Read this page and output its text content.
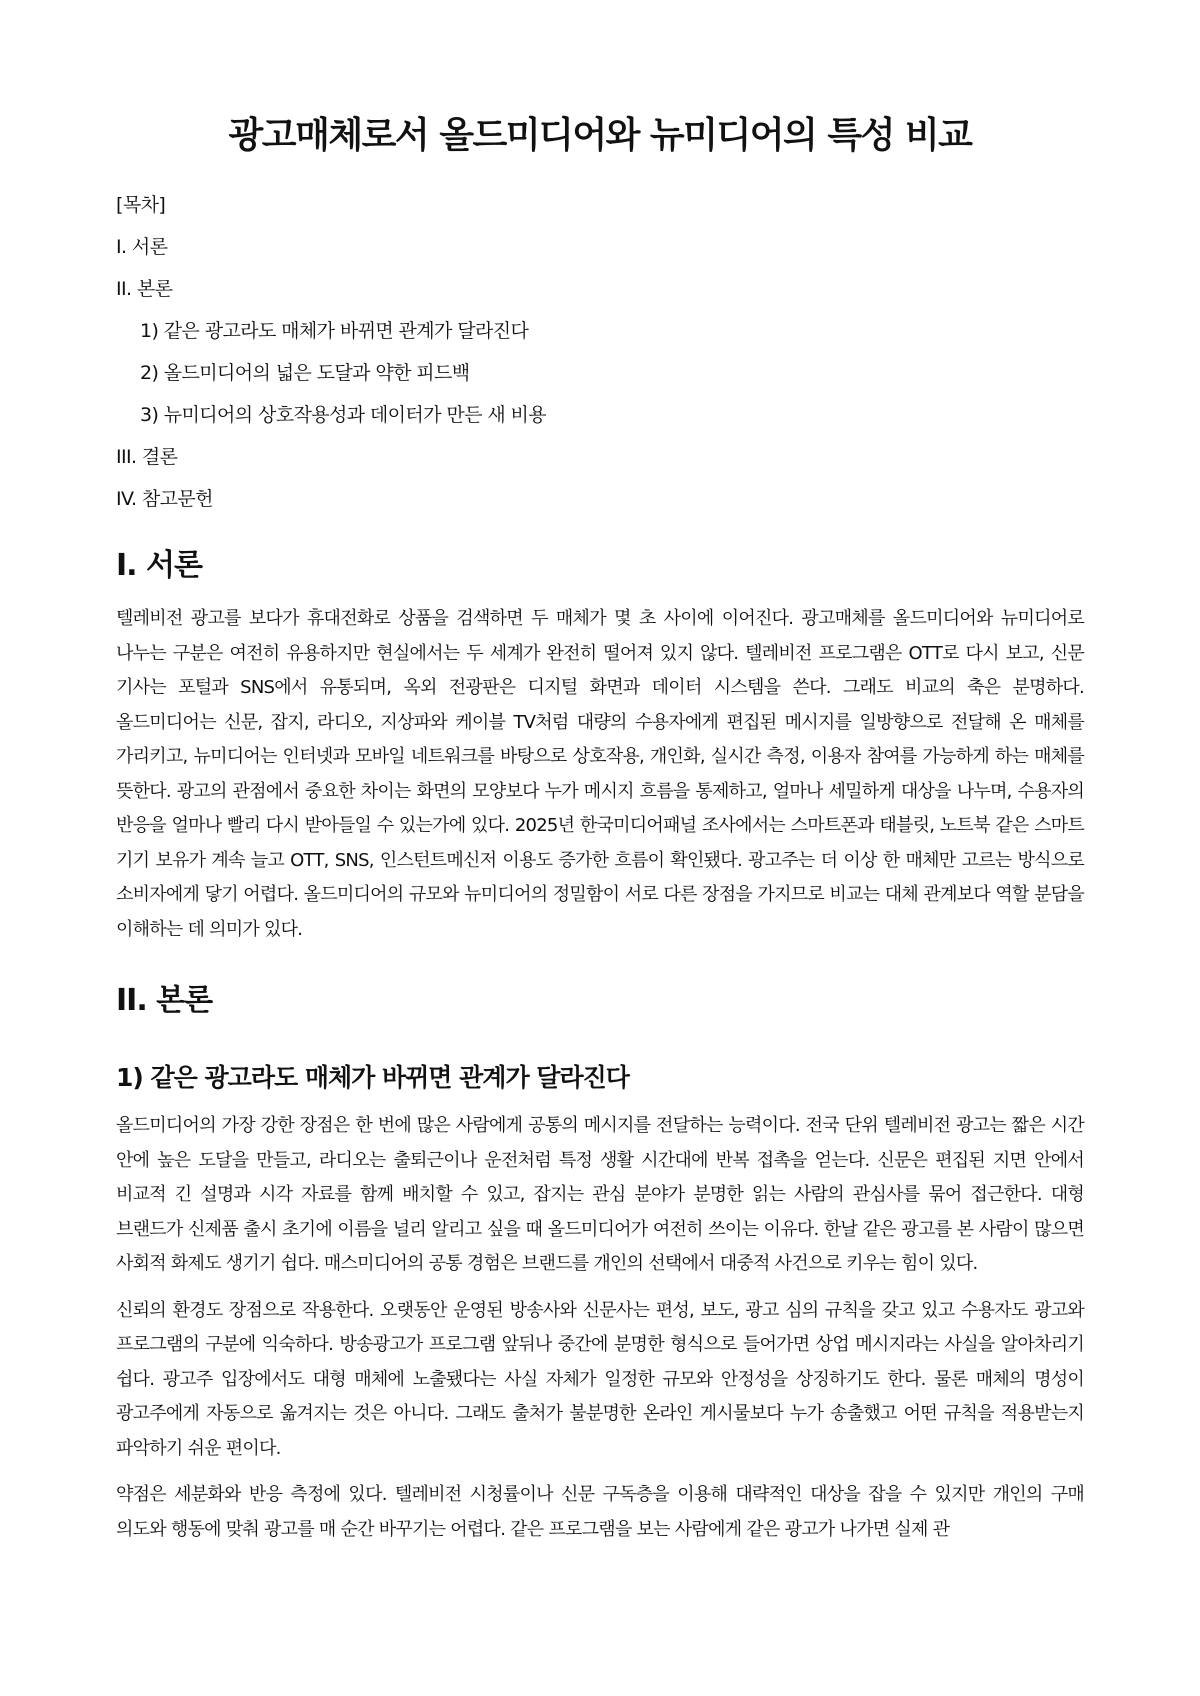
광고매체로서 올드미디어와 뉴미디어의 특성 비교
[목차]
I. 서론
II. 본론
1) 같은 광고라도 매체가 바뀌면 관계가 달라진다
2) 올드미디어의 넓은 도달과 약한 피드백
3) 뉴미디어의 상호작용성과 데이터가 만든 새 비용
III. 결론
IV. 참고문헌
I. 서론

텔레비전 광고를 보다가 휴대전화로 상품을 검색하면 두 매체가 몇 초 사이에 이어진다. 광고매체를 올드미디어와 뉴미디어로 나누는 구분은 여전히 유용하지만 현실에서는 두 세계가 완전히 떨어져 있지 않다. 텔레비전 프로그램은 OTT로 다시 보고, 신문 기사는 포털과 SNS에서 유통되며, 옥외 전광판은 디지털 화면과 데이터 시스템을 쓴다. 그래도 비교의 축은 분명하다. 올드미디어는 신문, 잡지, 라디오, 지상파와 케이블 TV처럼 대량의 수용자에게 편집된 메시지를 일방향으로 전달해 온 매체를 가리키고, 뉴미디어는 인터넷과 모바일 네트워크를 바탕으로 상호작용, 개인화, 실시간 측정, 이용자 참여를 가능하게 하는 매체를 뜻한다. 광고의 관점에서 중요한 차이는 화면의 모양보다 누가 메시지 흐름을 통제하고, 얼마나 세밀하게 대상을 나누며, 수용자의 반응을 얼마나 빨리 다시 받아들일 수 있는가에 있다. 2025년 한국미디어패널 조사에서는 스마트폰과 태블릿, 노트북 같은 스마트 기기 보유가 계속 늘고 OTT, SNS, 인스턴트메신저 이용도 증가한 흐름이 확인됐다. 광고주는 더 이상 한 매체만 고르는 방식으로 소비자에게 닿기 어렵다. 올드미디어의 규모와 뉴미디어의 정밀함이 서로 다른 장점을 가지므로 비교는 대체 관계보다 역할 분담을 이해하는 데 의미가 있다.

II. 본론
1) 같은 광고라도 매체가 바뀌면 관계가 달라진다

올드미디어의 가장 강한 장점은 한 번에 많은 사람에게 공통의 메시지를 전달하는 능력이다. 전국 단위 텔레비전 광고는 짧은 시간 안에 높은 도달을 만들고, 라디오는 출퇴근이나 운전처럼 특정 생활 시간대에 반복 접촉을 얻는다. 신문은 편집된 지면 안에서 비교적 긴 설명과 시각 자료를 함께 배치할 수 있고, 잡지는 관심 분야가 분명한 읽는 사람의 관심사를 묶어 접근한다. 대형 브랜드가 신제품 출시 초기에 이름을 널리 알리고 싶을 때 올드미디어가 여전히 쓰이는 이유다. 한날 같은 광고를 본 사람이 많으면 사회적 화제도 생기기 쉽다. 매스미디어의 공통 경험은 브랜드를 개인의 선택에서 대중적 사건으로 키우는 힘이 있다.

신뢰의 환경도 장점으로 작용한다. 오랫동안 운영된 방송사와 신문사는 편성, 보도, 광고 심의 규칙을 갖고 있고 수용자도 광고와 프로그램의 구분에 익숙하다. 방송광고가 프로그램 앞뒤나 중간에 분명한 형식으로 들어가면 상업 메시지라는 사실을 알아차리기 쉽다. 광고주 입장에서도 대형 매체에 노출됐다는 사실 자체가 일정한 규모와 안정성을 상징하기도 한다. 물론 매체의 명성이 광고주에게 자동으로 옮겨지는 것은 아니다. 그래도 출처가 불분명한 온라인 게시물보다 누가 송출했고 어떤 규칙을 적용받는지 파악하기 쉬운 편이다.

약점은 세분화와 반응 측정에 있다. 텔레비전 시청률이나 신문 구독층을 이용해 대략적인 대상을 잡을 수 있지만 개인의 구매 의도와 행동에 맞춰 광고를 매 순간 바꾸기는 어렵다. 같은 프로그램을 보는 사람에게 같은 광고가 나가면 실제 관
